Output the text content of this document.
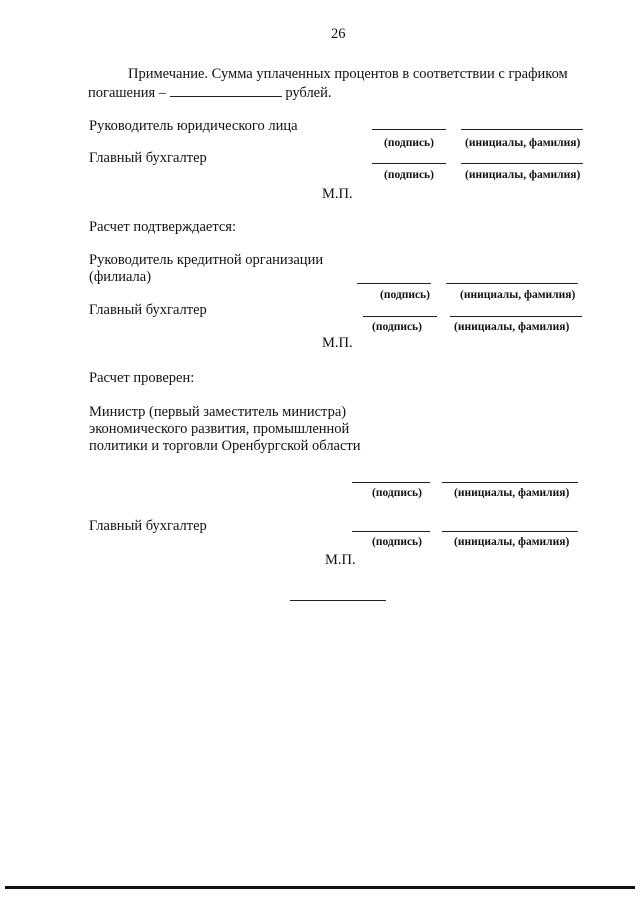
26
Примечание. Сумма уплаченных процентов в соответствии с графиком
погашения –	рублей.
Руководитель юридического лица
(подпись)	(инициалы, фамилия)
Главный бухгалтер
(подпись)	(инициалы, фамилия)
М.П.
Расчет подтверждается:
Руководитель кредитной организации
(филиала)
(подпись)	(инициалы, фамилия)
Главный бухгалтер
(подпись)	(инициалы, фамилия)
М.П.
Расчет проверен:
Министр (первый заместитель министра)
экономического развития, промышленной
политики и торговли Оренбургской области
(подпись)	(инициалы, фамилия)
Главный бухгалтер
(подпись)	(инициалы, фамилия)
М.П.
